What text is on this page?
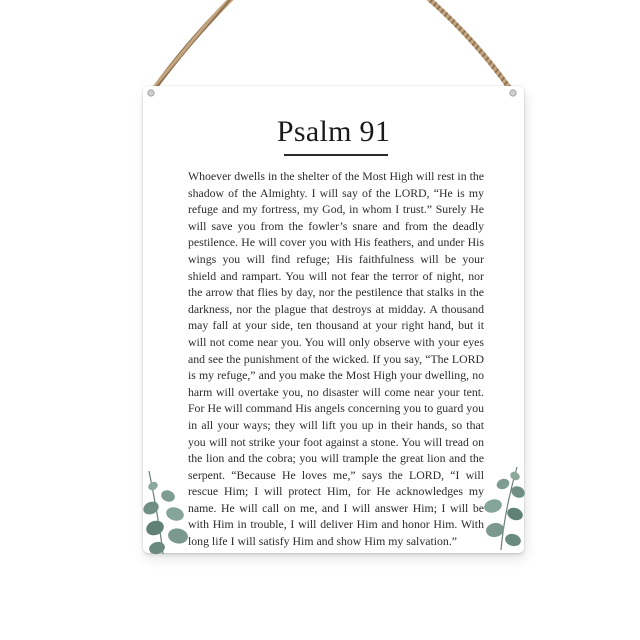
Psalm 91
Whoever dwells in the shelter of the Most High will rest in the shadow of the Almighty. I will say of the LORD, “He is my refuge and my fortress, my God, in whom I trust.” Surely He will save you from the fowler’s snare and from the deadly pestilence. He will cover you with His feathers, and under His wings you will find refuge; His faithfulness will be your shield and rampart. You will not fear the terror of night, nor the arrow that flies by day, nor the pestilence that stalks in the darkness, nor the plague that destroys at midday. A thousand may fall at your side, ten thousand at your right hand, but it will not come near you. You will only observe with your eyes and see the punishment of the wicked. If you say, “The LORD is my refuge,” and you make the Most High your dwelling, no harm will overtake you, no disaster will come near your tent. For He will command His angels concerning you to guard you in all your ways; they will lift you up in their hands, so that you will not strike your foot against a stone. You will tread on the lion and the cobra; you will trample the great lion and the serpent. “Because He loves me,” says the LORD, “I will rescue Him; I will protect Him, for He acknowledges my name. He will call on me, and I will answer Him; I will be with Him in trouble, I will deliver Him and honor Him. With long life I will satisfy Him and show Him my salvation.”
